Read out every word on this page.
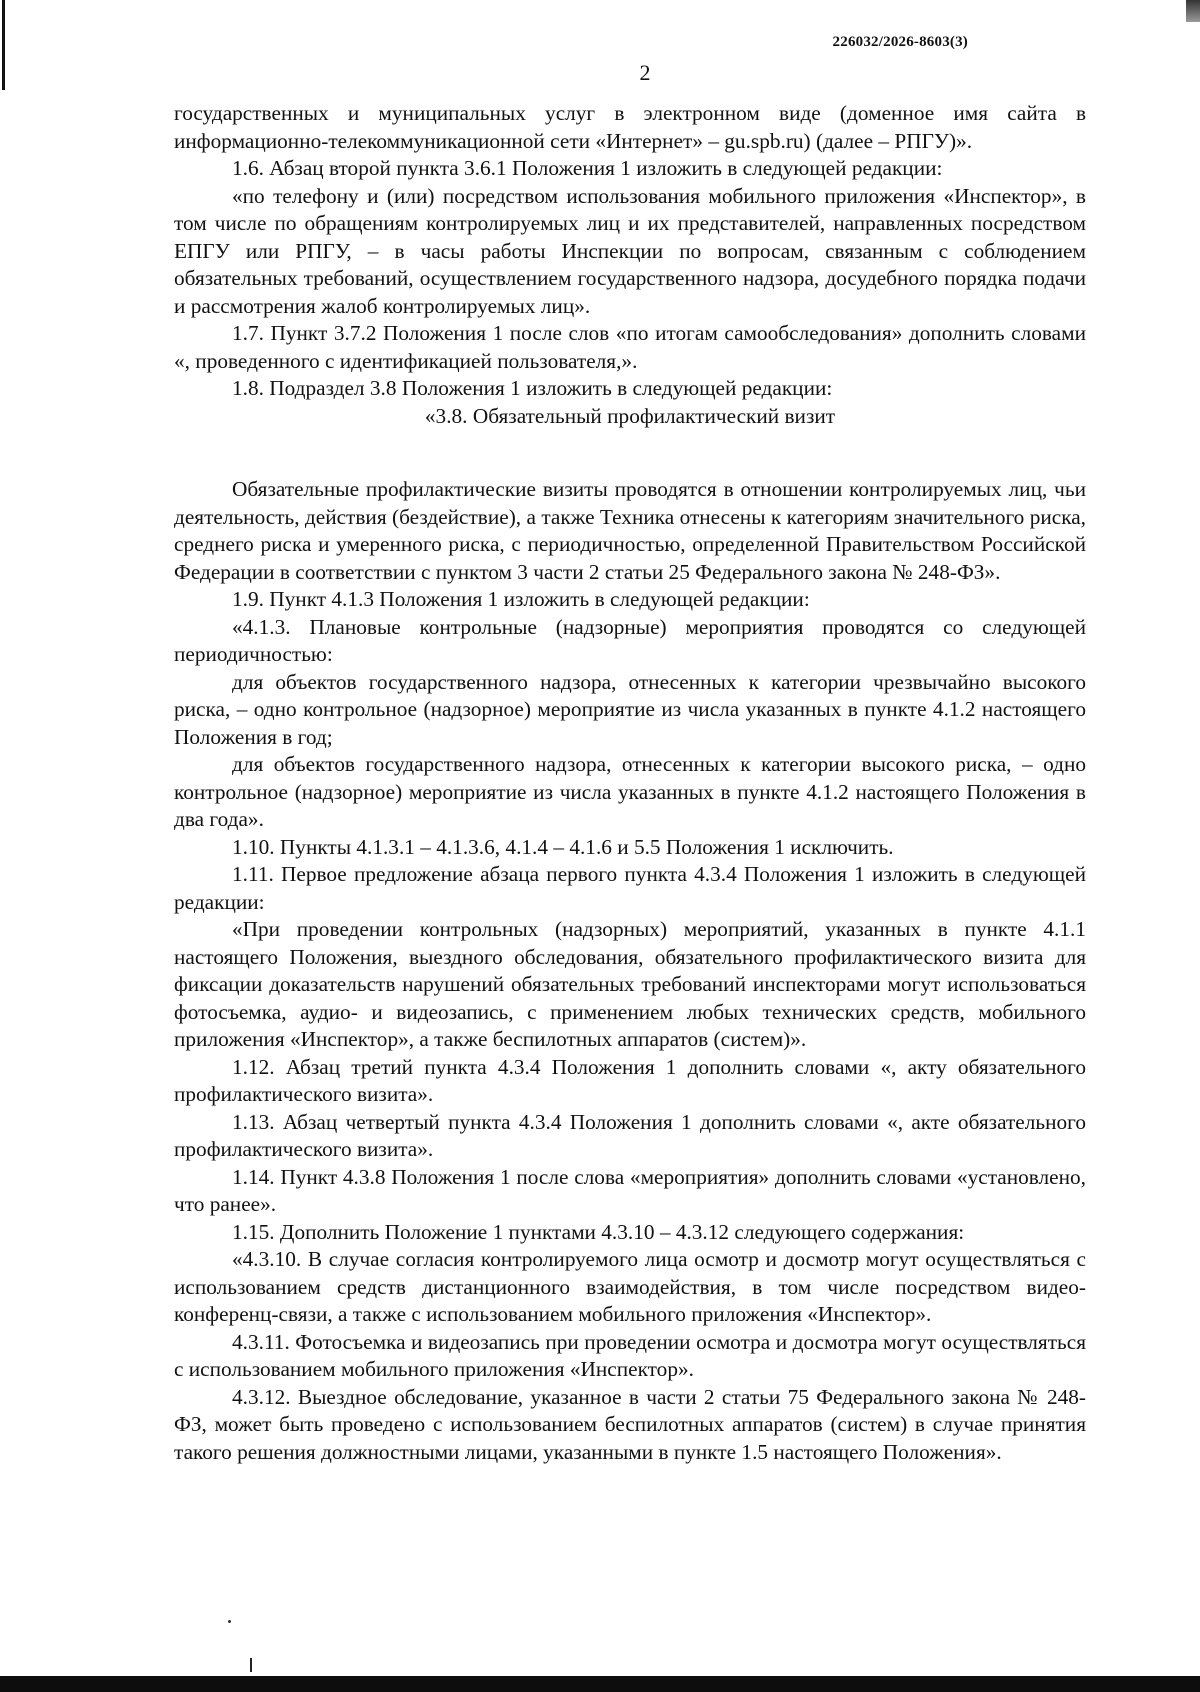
226032/2026-8603(3)
2

государственных и муниципальных услуг в электронном виде (доменное имя сайта в информационно-телекоммуникационной сети «Интернет» – gu.spb.ru) (далее – РПГУ)».

1.6. Абзац второй пункта 3.6.1 Положения 1 изложить в следующей редакции:

«по телефону и (или) посредством использования мобильного приложения «Инспектор», в том числе по обращениям контролируемых лиц и их представителей, направленных посредством ЕПГУ или РПГУ, – в часы работы Инспекции по вопросам, связанным с соблюдением обязательных требований, осуществлением государственного надзора, досудебного порядка подачи и рассмотрения жалоб контролируемых лиц».

1.7. Пункт 3.7.2 Положения 1 после слов «по итогам самообследования» дополнить словами «, проведенного с идентификацией пользователя,».

1.8. Подраздел 3.8 Положения 1 изложить в следующей редакции:

«3.8. Обязательный профилактический визит

Обязательные профилактические визиты проводятся в отношении контролируемых лиц, чьи деятельность, действия (бездействие), а также Техника отнесены к категориям значительного риска, среднего риска и умеренного риска, с периодичностью, определенной Правительством Российской Федерации в соответствии с пунктом 3 части 2 статьи 25 Федерального закона № 248-ФЗ».

1.9. Пункт 4.1.3 Положения 1 изложить в следующей редакции:

«4.1.3. Плановые контрольные (надзорные) мероприятия проводятся со следующей периодичностью:

для объектов государственного надзора, отнесенных к категории чрезвычайно высокого риска, – одно контрольное (надзорное) мероприятие из числа указанных в пункте 4.1.2 настоящего Положения в год;

для объектов государственного надзора, отнесенных к категории высокого риска, – одно контрольное (надзорное) мероприятие из числа указанных в пункте 4.1.2 настоящего Положения в два года».

1.10. Пункты 4.1.3.1 – 4.1.3.6, 4.1.4 – 4.1.6 и 5.5 Положения 1 исключить.

1.11. Первое предложение абзаца первого пункта 4.3.4 Положения 1 изложить в следующей редакции:

«При проведении контрольных (надзорных) мероприятий, указанных в пункте 4.1.1 настоящего Положения, выездного обследования, обязательного профилактического визита для фиксации доказательств нарушений обязательных требований инспекторами могут использоваться фотосъемка, аудио- и видеозапись, с применением любых технических средств, мобильного приложения «Инспектор», а также беспилотных аппаратов (систем)».

1.12. Абзац третий пункта 4.3.4 Положения 1 дополнить словами «, акту обязательного профилактического визита».

1.13. Абзац четвертый пункта 4.3.4 Положения 1 дополнить словами «, акте обязательного профилактического визита».

1.14. Пункт 4.3.8 Положения 1 после слова «мероприятия» дополнить словами «установлено, что ранее».

1.15. Дополнить Положение 1 пунктами 4.3.10 – 4.3.12 следующего содержания:

«4.3.10. В случае согласия контролируемого лица осмотр и досмотр могут осуществляться с использованием средств дистанционного взаимодействия, в том числе посредством видео-конференц-связи, а также с использованием мобильного приложения «Инспектор».

4.3.11. Фотосъемка и видеозапись при проведении осмотра и досмотра могут осуществляться с использованием мобильного приложения «Инспектор».

4.3.12. Выездное обследование, указанное в части 2 статьи 75 Федерального закона № 248-ФЗ, может быть проведено с использованием беспилотных аппаратов (систем) в случае принятия такого решения должностными лицами, указанными в пункте 1.5 настоящего Положения».
